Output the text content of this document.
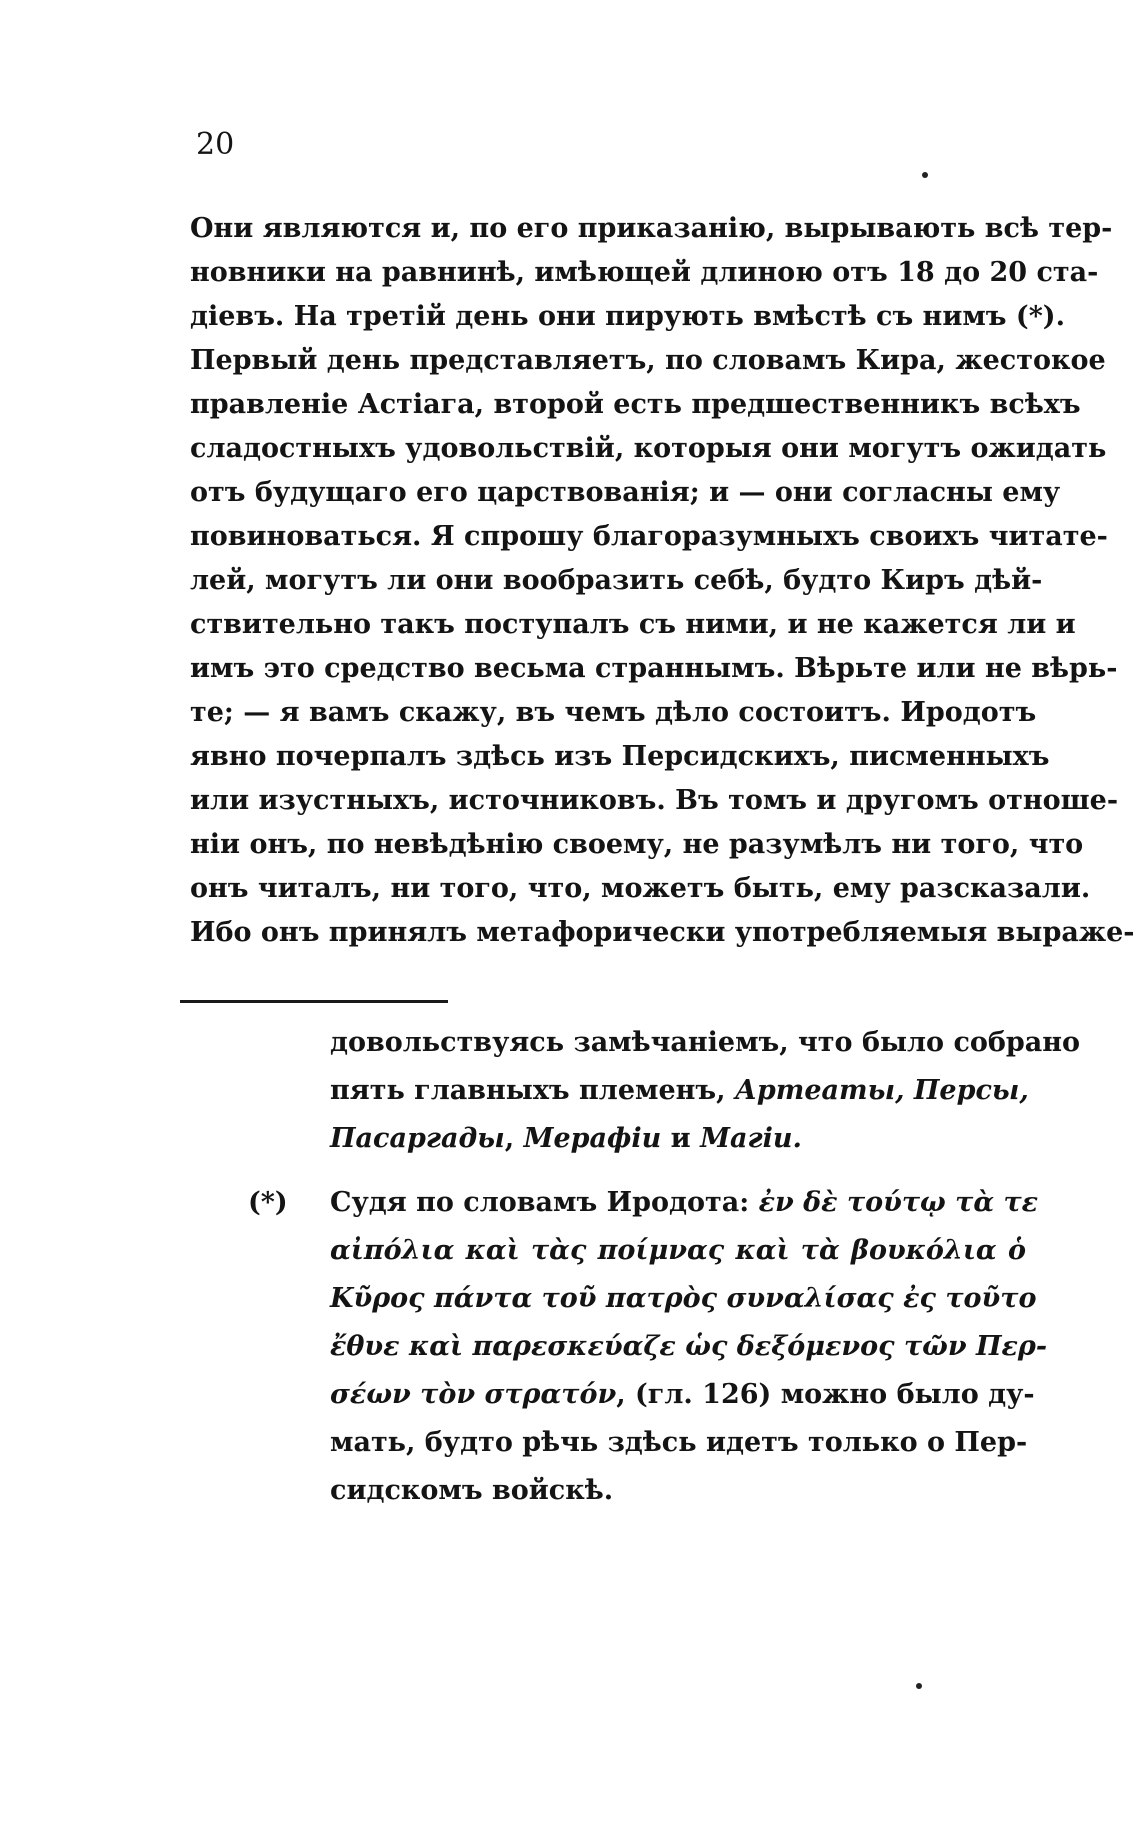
20
Они являются и, по его приказанію, вырывають всѣ тер-
новники на равнинѣ, имѣющей длиною отъ 18 до 20 ста-
діевъ. На третій день они пирують вмѣстѣ съ нимъ (*).
Первый день представляетъ, по словамъ Кира, жестокое
правленіе Астіага, второй есть предшественникъ всѣхъ
сладостныхъ удовольствій, которыя они могутъ ожидать
отъ будущаго его царствованія; и — они согласны ему
повиноваться. Я спрошу благоразумныхъ своихъ читате-
лей, могутъ ли они вообразить себѣ, будто Киръ дѣй-
ствительно такъ поступалъ съ ними, и не кажется ли и
имъ это средство весьма страннымъ. Вѣрьте или не вѣрь-
те; — я вамъ скажу, въ чемъ дѣло состоитъ. Иродотъ
явно почерпалъ здѣсь изъ Персидскихъ, писменныхъ
или изустныхъ, источниковъ. Въ томъ и другомъ отноше-
ніи онъ, по невѣдѣнію своему, не разумѣлъ ни того, что
онъ читалъ, ни того, что, можетъ быть, ему разсказали.
Ибо онъ принялъ метафорически употребляемыя выраже-
довольствуясь замѣчаніемъ, что было собрано
пять главныхъ племенъ, Артеаты, Персы,
Пасаргады, Мерафіи и Магіи.
(*) Судя по словамъ Иродота: ἐν δὲ τούτῳ τὰ τε
αἰπόλια καὶ τὰς ποίμνας καὶ τὰ βουκόλια ὁ
Κῦρος πάντα τοῦ πατρὸς συναλίσας ἐς τοῦτο
ἔθυε καὶ παρεσκεύαζε ὡς δεξόμενος τῶν Περ-
σέων τὸν στρατόν, (гл. 126) можно было ду-
мать, будто рѣчь здѣсь идетъ только о Пер-
сидскомъ войскѣ.
